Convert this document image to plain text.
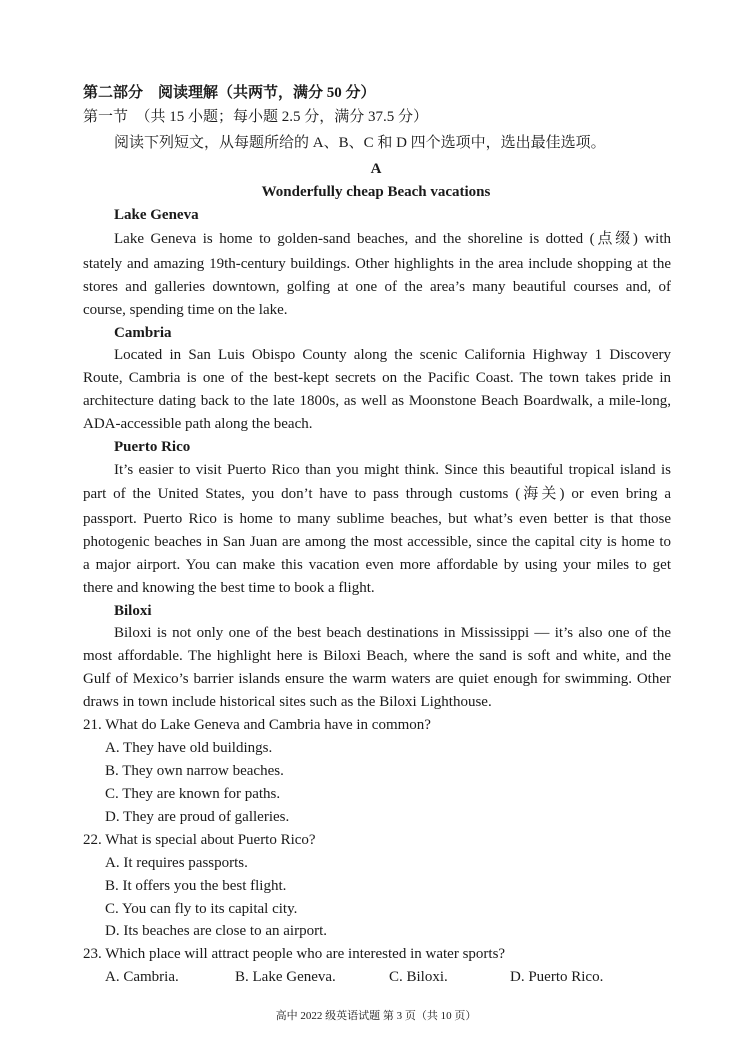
第二部分　阅读理解（共两节，满分 50 分）
第一节　（共 15 小题；每小题 2.5 分，满分 37.5 分）
阅读下列短文，从每题所给的 A、B、C 和 D 四个选项中，选出最佳选项。
A
Wonderfully cheap Beach vacations
Lake Geneva
Lake Geneva is home to golden-sand beaches, and the shoreline is dotted (点缀) with
stately and amazing 19th-century buildings. Other highlights in the area include shopping at the
stores and galleries downtown, golfing at one of the area’s many beautiful courses and, of
course, spending time on the lake.
Cambria
Located in San Luis Obispo County along the scenic California Highway 1 Discovery
Route, Cambria is one of the best-kept secrets on the Pacific Coast. The town takes pride in
architecture dating back to the late 1800s, as well as Moonstone Beach Boardwalk, a mile-long,
ADA-accessible path along the beach.
Puerto Rico
It’s easier to visit Puerto Rico than you might think. Since this beautiful tropical island is
part of the United States, you don’t have to pass through customs (海关) or even bring a
passport. Puerto Rico is home to many sublime beaches, but what’s even better is that those
photogenic beaches in San Juan are among the most accessible, since the capital city is home to
a major airport. You can make this vacation even more affordable by using your miles to get
there and knowing the best time to book a flight.
Biloxi
Biloxi is not only one of the best beach destinations in Mississippi — it’s also one of the
most affordable. The highlight here is Biloxi Beach, where the sand is soft and white, and the
Gulf of Mexico’s barrier islands ensure the warm waters are quiet enough for swimming. Other
draws in town include historical sites such as the Biloxi Lighthouse.
21. What do Lake Geneva and Cambria have in common?
A. They have old buildings.
B. They own narrow beaches.
C. They are known for paths.
D. They are proud of galleries.
22. What is special about Puerto Rico?
A. It requires passports.
B. It offers you the best flight.
C. You can fly to its capital city.
D. Its beaches are close to an airport.
23. Which place will attract people who are interested in water sports?
A. Cambria.	B. Lake Geneva.	C. Biloxi.	D. Puerto Rico.
高中 2022 级英语试题 第 3 页（共 10 页）
